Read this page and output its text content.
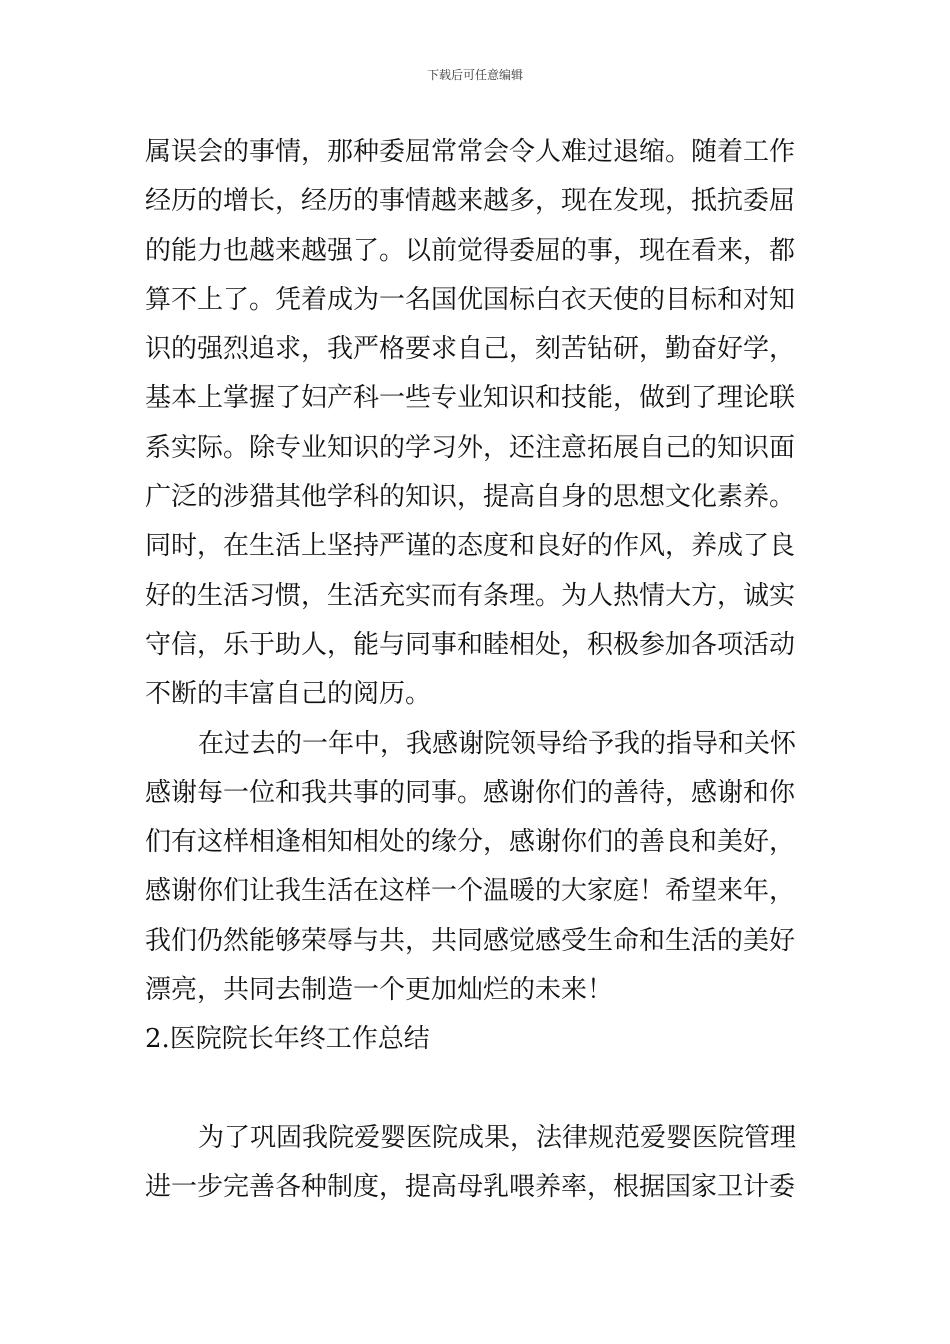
下载后可任意编辑
属误会的事情，那种委屈常常会令人难过退缩。随着工作
经历的增长，经历的事情越来越多，现在发现，抵抗委屈
的能力也越来越强了。以前觉得委屈的事，现在看来，都
算不上了。凭着成为一名国优国标白衣天使的目标和对知
识的强烈追求，我严格要求自己，刻苦钻研，勤奋好学，
基本上掌握了妇产科一些专业知识和技能，做到了理论联
系实际。除专业知识的学习外，还注意拓展自己的知识面
广泛的涉猎其他学科的知识，提高自身的思想文化素养。
同时，在生活上坚持严谨的态度和良好的作风，养成了良
好的生活习惯，生活充实而有条理。为人热情大方，诚实
守信，乐于助人，能与同事和睦相处，积极参加各项活动
不断的丰富自己的阅历。
在过去的一年中，我感谢院领导给予我的指导和关怀
感谢每一位和我共事的同事。感谢你们的善待，感谢和你
们有这样相逢相知相处的缘分，感谢你们的善良和美好，
感谢你们让我生活在这样一个温暖的大家庭！希望来年，
我们仍然能够荣辱与共，共同感觉感受生命和生活的美好
漂亮，共同去制造一个更加灿烂的未来！
2.医院院长年终工作总结
为了巩固我院爱婴医院成果，法律规范爱婴医院管理
进一步完善各种制度，提高母乳喂养率，根据国家卫计委
